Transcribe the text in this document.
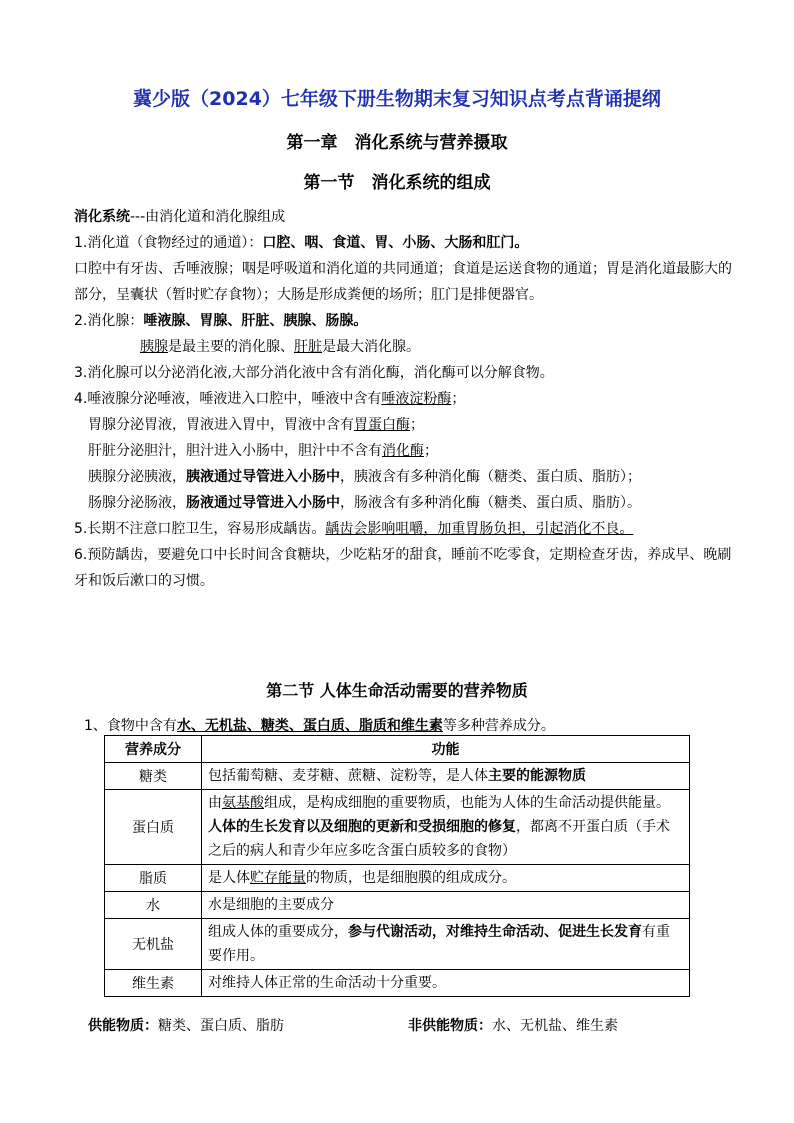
冀少版（2024）七年级下册生物期末复习知识点考点背诵提纲
第一章　消化系统与营养摄取
第一节　消化系统的组成

消化系统---由消化道和消化腺组成

1.消化道（食物经过的通道）：口腔、咽、食道、胃、小肠、大肠和肛门。

口腔中有牙齿、舌唾液腺；咽是呼吸道和消化道的共同通道；食道是运送食物的通道；胃是消化道最膨大的部分，呈囊状（暂时贮存食物）；大肠是形成粪便的场所；肛门是排便器官。

2.消化腺：唾液腺、胃腺、肝脏、胰腺、肠腺。

胰腺是最主要的消化腺、肝脏是最大消化腺。

3.消化腺可以分泌消化液,大部分消化液中含有消化酶，消化酶可以分解食物。

4.唾液腺分泌唾液，唾液进入口腔中，唾液中含有唾液淀粉酶；

胃腺分泌胃液，胃液进入胃中，胃液中含有胃蛋白酶；

肝脏分泌胆汁，胆汁进入小肠中，胆汁中不含有消化酶；

胰腺分泌胰液，胰液通过导管进入小肠中，胰液含有多种消化酶（糖类、蛋白质、脂肪）；

肠腺分泌肠液，肠液通过导管进入小肠中，肠液含有多种消化酶（糖类、蛋白质、脂肪）。

5.长期不注意口腔卫生，容易形成龋齿。龋齿会影响咀嚼，加重胃肠负担，引起消化不良。

6.预防龋齿，要避免口中长时间含食糖块，少吃粘牙的甜食，睡前不吃零食，定期检查牙齿，养成早、晚刷牙和饭后漱口的习惯。

第二节 人体生命活动需要的营养物质

1、食物中含有水、无机盐、糖类、蛋白质、脂质和维生素等多种营养成分。

营养成分	功能
糖类	包括葡萄糖、麦芽糖、蔗糖、淀粉等，是人体主要的能源物质
蛋白质	由氨基酸组成，是构成细胞的重要物质，也能为人体的生命活动提供能量。人体的生长发育以及细胞的更新和受损细胞的修复，都离不开蛋白质（手术之后的病人和青少年应多吃含蛋白质较多的食物）
脂质	是人体贮存能量的物质，也是细胞膜的组成成分。
水	水是细胞的主要成分
无机盐	组成人体的重要成分，参与代谢活动，对维持生命活动、促进生长发育有重要作用。
维生素	对维持人体正常的生命活动十分重要。

供能物质：糖类、蛋白质、脂肪	非供能物质：水、无机盐、维生素
